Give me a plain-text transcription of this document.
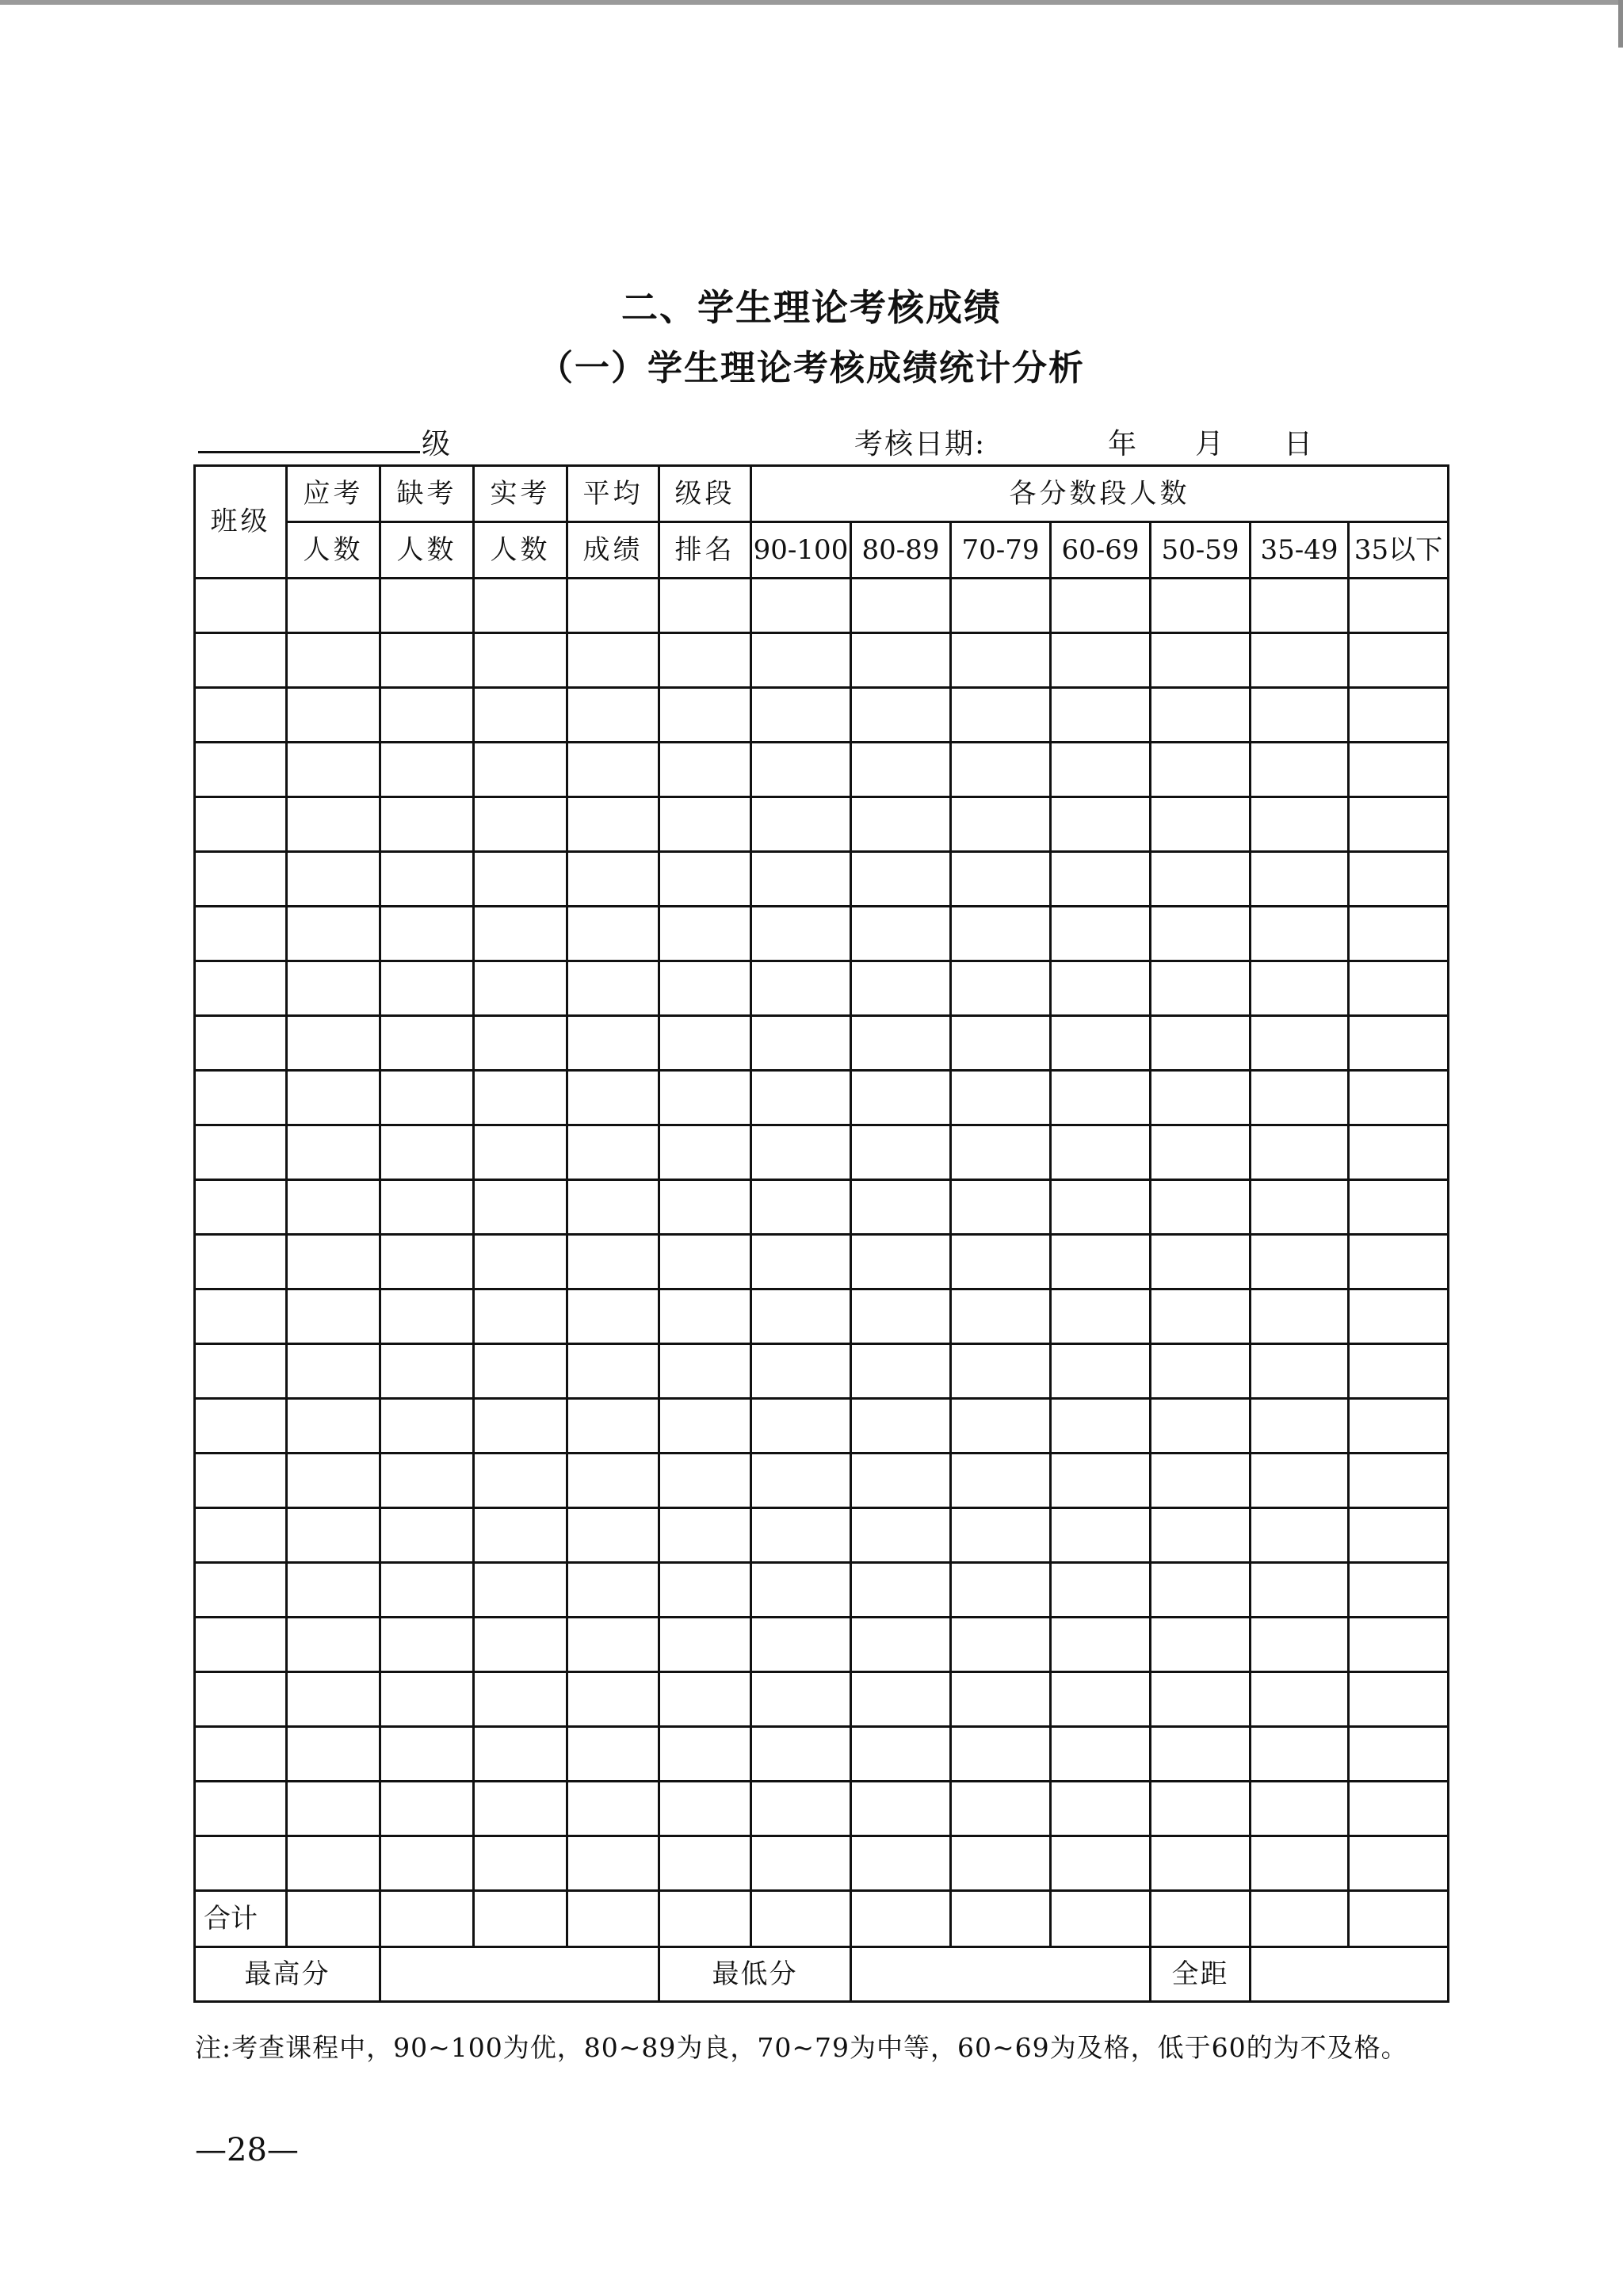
二、学生理论考核成绩
（一）学生理论考核成绩统计分析
级	考核日期:	年 月 日
班级	应考	缺考	实考	平均	级段	各分数段人数						
	人数	人数	人数	成绩	排名	90-100	80-89	70-79	60-69	50-59	35-49	35以下

合计												
最高分					最低分					全距		
注:考查课程中，90~100为优，80~89为良，70~79为中等，60~69为及格，低于60的为不及格。
—28—
